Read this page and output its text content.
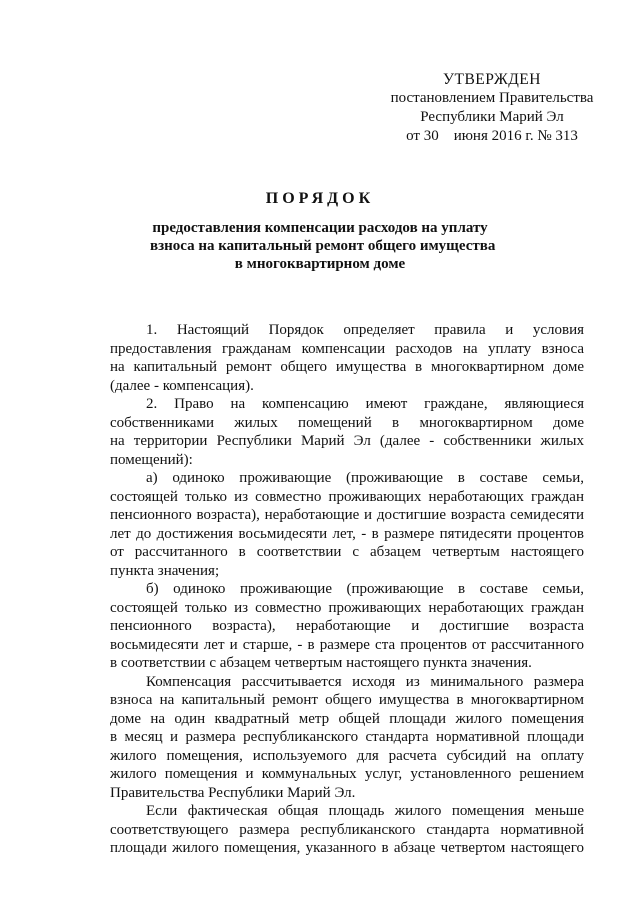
УТВЕРЖДЕН
постановлением Правительства
Республики Марий Эл
от 30    июня 2016 г. № 313
ПОРЯДОК
предоставления компенсации расходов на уплату
взноса на капитальный ремонт общего имущества
в многоквартирном доме
1. Настоящий Порядок определяет правила и условия
предоставления гражданам компенсации расходов на уплату взноса
на капитальный ремонт общего имущества в многоквартирном доме
(далее - компенсация).
2. Право на компенсацию имеют граждане, являющиеся
собственниками жилых помещений в многоквартирном доме
на территории Республики Марий Эл (далее - собственники жилых
помещений):
а) одиноко проживающие (проживающие в составе семьи,
состоящей только из совместно проживающих неработающих граждан
пенсионного возраста), неработающие и достигшие возраста семидесяти
лет до достижения восьмидесяти лет, - в размере пятидесяти процентов
от рассчитанного в соответствии с абзацем четвертым настоящего
пункта значения;
б) одиноко проживающие (проживающие в составе семьи,
состоящей только из совместно проживающих неработающих граждан
пенсионного возраста), неработающие и достигшие возраста
восьмидесяти лет и старше, - в размере ста процентов от рассчитанного
в соответствии с абзацем четвертым настоящего пункта значения.
Компенсация рассчитывается исходя из минимального размера
взноса на капитальный ремонт общего имущества в многоквартирном
доме на один квадратный метр общей площади жилого помещения
в месяц и размера республиканского стандарта нормативной площади
жилого помещения, используемого для расчета субсидий на оплату
жилого помещения и коммунальных услуг, установленного решением
Правительства Республики Марий Эл.
Если фактическая общая площадь жилого помещения меньше
соответствующего размера республиканского стандарта нормативной
площади жилого помещения, указанного в абзаце четвертом настоящего
